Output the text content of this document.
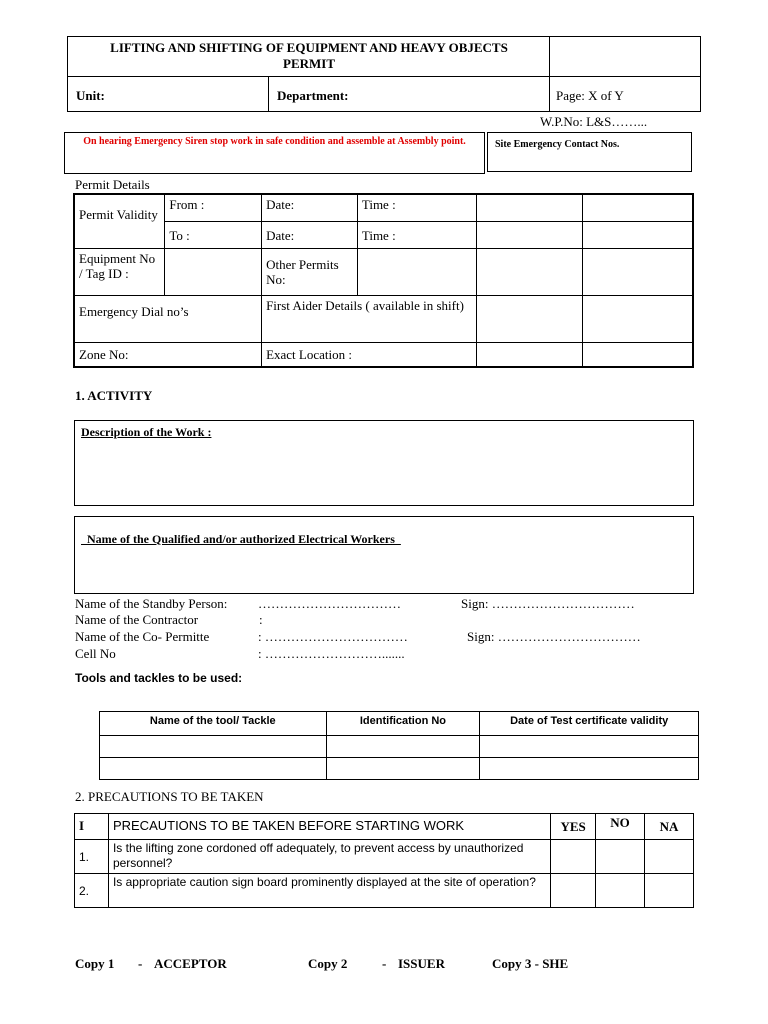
LIFTING AND SHIFTING OF EQUIPMENT AND HEAVY OBJECTS PERMIT
Unit:	Department:	Page: X of Y
W.P.No: L&S……...
On hearing Emergency Siren stop work in safe condition and assemble at Assembly point.	Site Emergency Contact Nos.
Permit Details
Permit Validity	From :	Date:	Time :		
	To :	Date:	Time :		
Equipment No / Tag ID :		Other Permits No:			
Emergency Dial no’s		First Aider Details ( available in shift)			
Zone No:		Exact Location :			
1. ACTIVITY
Description of the Work :

Name of the Qualified and/or authorized Electrical Workers

Name of the Standby Person: ……………………………	Sign: ……………………………
Name of the Contractor	:
Name of the Co- Permitte	: ……………………………	Sign: ……………………………
Cell No	: ……………………….......
Tools and tackles to be used:
Name of the tool/ Tackle	Identification No	Date of Test certificate validity

2. PRECAUTIONS TO BE TAKEN
I	PRECAUTIONS TO BE TAKEN BEFORE STARTING WORK	YES	NO	NA
1.	Is the lifting zone cordoned off adequately, to prevent access by unauthorized personnel?			
2.	Is appropriate caution sign board prominently displayed at the site of operation?			
Copy 1 - ACCEPTOR	Copy 2	- ISSUER	Copy 3 - SHE
